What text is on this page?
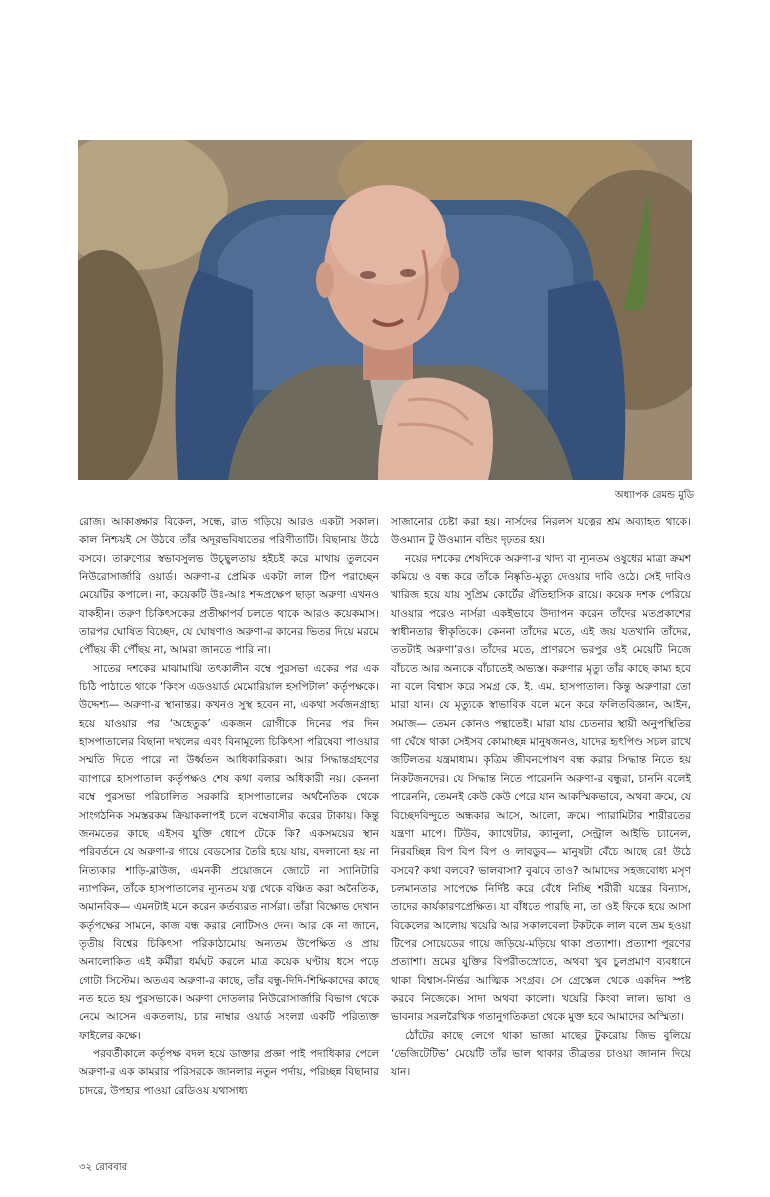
অধ্যাপক রেমন্ড মুডি

রোজ। আকাঙ্ক্ষার বিকেল, সন্ধে, রাত গড়িয়ে আরও একটা সকাল। কাল নিশ্চয়ই সে উঠবে তাঁর অদূরভবিষ্যতের পরিণীতাটি। বিছানায় উঠে বসবে। তারুণ্যের স্বভাবসুলভ উচ্ছ্বলতায় হইচই করে মাথায় তুলবেন নিউরোসার্জারি ওয়ার্ড। অরুণা-র প্রেমিক একটা লাল টিপ পরাচ্ছেন মেয়েটির কপালে। না, কয়েকটি উঃ-আঃ শব্দপ্রক্ষেপ ছাড়া অরুণা এখনও বাকহীন। তরুণ চিকিৎসকের প্রতীক্ষাপর্ব চলতে থাকে আরও কয়েকমাস। তারপর ঘোষিত বিচ্ছেদ, যে ঘোষণাও অরুণা-র কানের ভিতর দিয়ে মরমে পৌঁছয় কী পৌঁছয় না, আমরা জানতে পারি না।

সাতের দশকের মাঝামাঝি তৎকালীন বম্বে পুরসভা একের পর এক চিঠি পাঠাতে থাকে ‘কিংস এডওয়ার্ড মেমোরিয়াল হসপিটাল’ কর্তৃপক্ষকে। উদ্দেশ্য— অরুণা-র স্থানান্তর। কখনও সুস্থ হবেন না, একথা সর্বজনগ্রাহ্য হয়ে যাওয়ার পর ‘অহেতুক’ একজন রোগীকে দিনের পর দিন হাসপাতালের বিছানা দখলের এবং বিনামূল্যে চিকিৎসা পরিষেবা পাওয়ার সম্মতি দিতে পারে না উর্ধ্বতন আধিকারিকরা। আর সিদ্ধান্তগ্রহণের ব্যাপারে হাসপাতাল কর্তৃপক্ষও শেষ কথা বলার অধিকারী নয়। কেননা বম্বে পুরসভা পরিচালিত সরকারি হাসপাতালের অর্থনৈতিক থেকে সাংগঠনিক সমস্তরকম ক্রিয়াকলাপই চলে বম্বেবাসীর করের টাকায়। কিন্তু জনমতের কাছে এইসব যুক্তি ধোপে টেকে কি? একসময়ের স্থান পরিবর্তনে যে অরুণা-র গায়ে বেডসোর তৈরি হয়ে যায়, বদলানো হয় না নিত্যকার শাড়ি-ব্লাউজ, এমনকী প্রয়োজনে জোটে না স্যানিটারি ন্যাপকিন, তাঁকে হাসপাতালের ন্যূনতম যত্ন থেকে বঞ্চিত করা অনৈতিক, অমানবিক— এমনটাই মনে করেন কর্তব্যরত নার্সরা। তাঁরা বিক্ষোভ দেখান কর্তৃপক্ষের সামনে, কাজ বন্ধ করার নোটিসও দেন। আর কে না জানে, তৃতীয় বিশ্বের চিকিৎসা পরিকাঠামোয় অন্যতম উপেক্ষিত ও প্রায় অনালোকিত এই কর্মীরা ধর্মঘট করলে মাত্র কয়েক ঘণ্টায় ধসে পড়ে গোটা সিস্টেম। অতএব অরুণা-র কাছে, তাঁর বন্ধু-দিদি-শিক্ষিকাদের কাছে নত হতে হয় পুরসভাকে। অরুণা দোতলার নিউরোসার্জারি বিভাগ থেকে নেমে আসেন একতলায়, চার নাম্বার ওয়ার্ড সংলগ্ন একটি পরিত্যক্ত ফাইলের কক্ষে।

পরবর্তীকালে কর্তৃপক্ষ বদল হয়ে ডাক্তার প্রজ্ঞা পাই পদাধিকার পেলে অরুণা-র এক কামরার পরিসরকে জানলার নতুন পর্দায়, পরিচ্ছন্ন বিছানার চাদরে, উপহার পাওয়া রেডিওয় যথাসাধ্য

সাজানোর চেষ্টা করা হয়। নার্সদের নিরলস যত্নের শ্রম অব্যাহত থাকে। উওম্যান টু উওম্যান বন্ডিং দৃঢ়তর হয়।

নয়ের দশকের শেষদিকে অরুণা-র খাদ্য বা ন্যূনতম ওষুধের মাত্রা ক্রমশ কমিয়ে ও বন্ধ করে তাঁকে নিষ্কৃতি-মৃত্যু দেওয়ার দাবি ওঠে। সেই দাবিও খারিজ হয়ে যায় সুপ্রিম কোর্টের ঐতিহাসিক রায়ে। কয়েক দশক পেরিয়ে যাওয়ার পরেও নার্সরা একইভাবে উদ্যাপন করেন তাঁদের মতপ্রকাশের স্বাধীনতার স্বীকৃতিকে। কেননা তাঁদের মতে, এই জয় যতখানি তাঁদের, ততটাই অরুণা’রও। তাঁদের মতে, প্রাণরসে ভরপুর ওই মেয়েটি নিজে বাঁচতে আর অন্যকে বাঁচাতেই অভ্যস্ত। করুণার মৃত্যু তাঁর কাছে কাম্য হবে না বলে বিশ্বাস করে সমগ্র কে. ই. এম. হাসপাতাল। কিন্তু অরুণারা তো মারা যান। যে মৃত্যুকে স্বাভাবিক বলে মনে করে ফলিতবিজ্ঞান, আইন, সমাজ— তেমন কোনও পন্থাতেই। মারা যায় চেতনার স্থায়ী অনুপস্থিতির গা ঘেঁষে থাকা সেইসব কোমাচ্ছন্ন মানুষজনও, যাদের হৃৎপিণ্ড সচল রাখে জটিলতর যন্ত্রমাধ্যম। কৃত্রিম জীবনপোষণ বন্ধ করার সিদ্ধান্ত নিতে হয় নিকটজনদের। যে সিদ্ধান্ত নিতে পারেননি অরুণা-র বন্ধুরা, চাননি বলেই পারেননি, তেমনই কেউ কেউ পেরে যান আকস্মিকভাবে, অথবা ক্রমে, যে বিচ্ছেদবিন্দুতে অন্ধকার আসে, আলো, ক্রমে। প্যারামিটার শারীরতের যন্ত্রণা মাপে। টিউব, ক্যাথেটার, ক্যানুলা, সেন্ট্রাল আইভি চ্যানেল, নিরবচ্ছিন্ন বিপ বিপ বিপ ও লাবডুব— মানুষটা বেঁচে আছে রে! উঠে বসবে? কথা বলবে? ভালবাসা? বুঝবে তাও? আমাদের সহজবোধ্য মসৃণ চলমানতার সাপেক্ষে নির্দিষ্ট করে বেঁধে নিচ্ছি শরীরী যন্ত্রের বিন্যাস, তাদের কার্যকারণপ্রেক্ষিত। যা বাঁধতে পারছি না, তা ওই ফিকে হয়ে আসা বিকেলের আলোয় খয়েরি আর সকালবেলা টকটকে লাল বলে ভ্রম হওয়া টিপের সোয়েডের গায়ে জড়িয়ে-মড়িয়ে থাকা প্রত্যাশা। প্রত্যাশা পূরণের প্রত্যাশা। ভ্রমের যুক্তির বিপরীতস্রোতে, অথবা খুব চুলপ্রমাণ ব্যবধানে থাকা বিশ্বাস-নির্ভর আত্মিক সংগ্রব। সে গ্রেস্কেল থেকে একদিন স্পষ্ট করবে নিজেকে। সাদা অথবা কালো। খয়েরি কিংবা লাল। ভাষা ও ভাবনার সরলরৈখিক গতানুগতিকতা থেকে মুক্ত হবে আমাদের অস্মিতা।

ঠোঁটের কাছে লেগে থাকা ভাজা মাছের টুকরোয় জিভ বুলিয়ে ‘ভেজিটেটিভ’ মেয়েটি তাঁর ভাল থাকার তীব্রতর চাওয়া জানান দিয়ে যান।

৩২ রোববার
